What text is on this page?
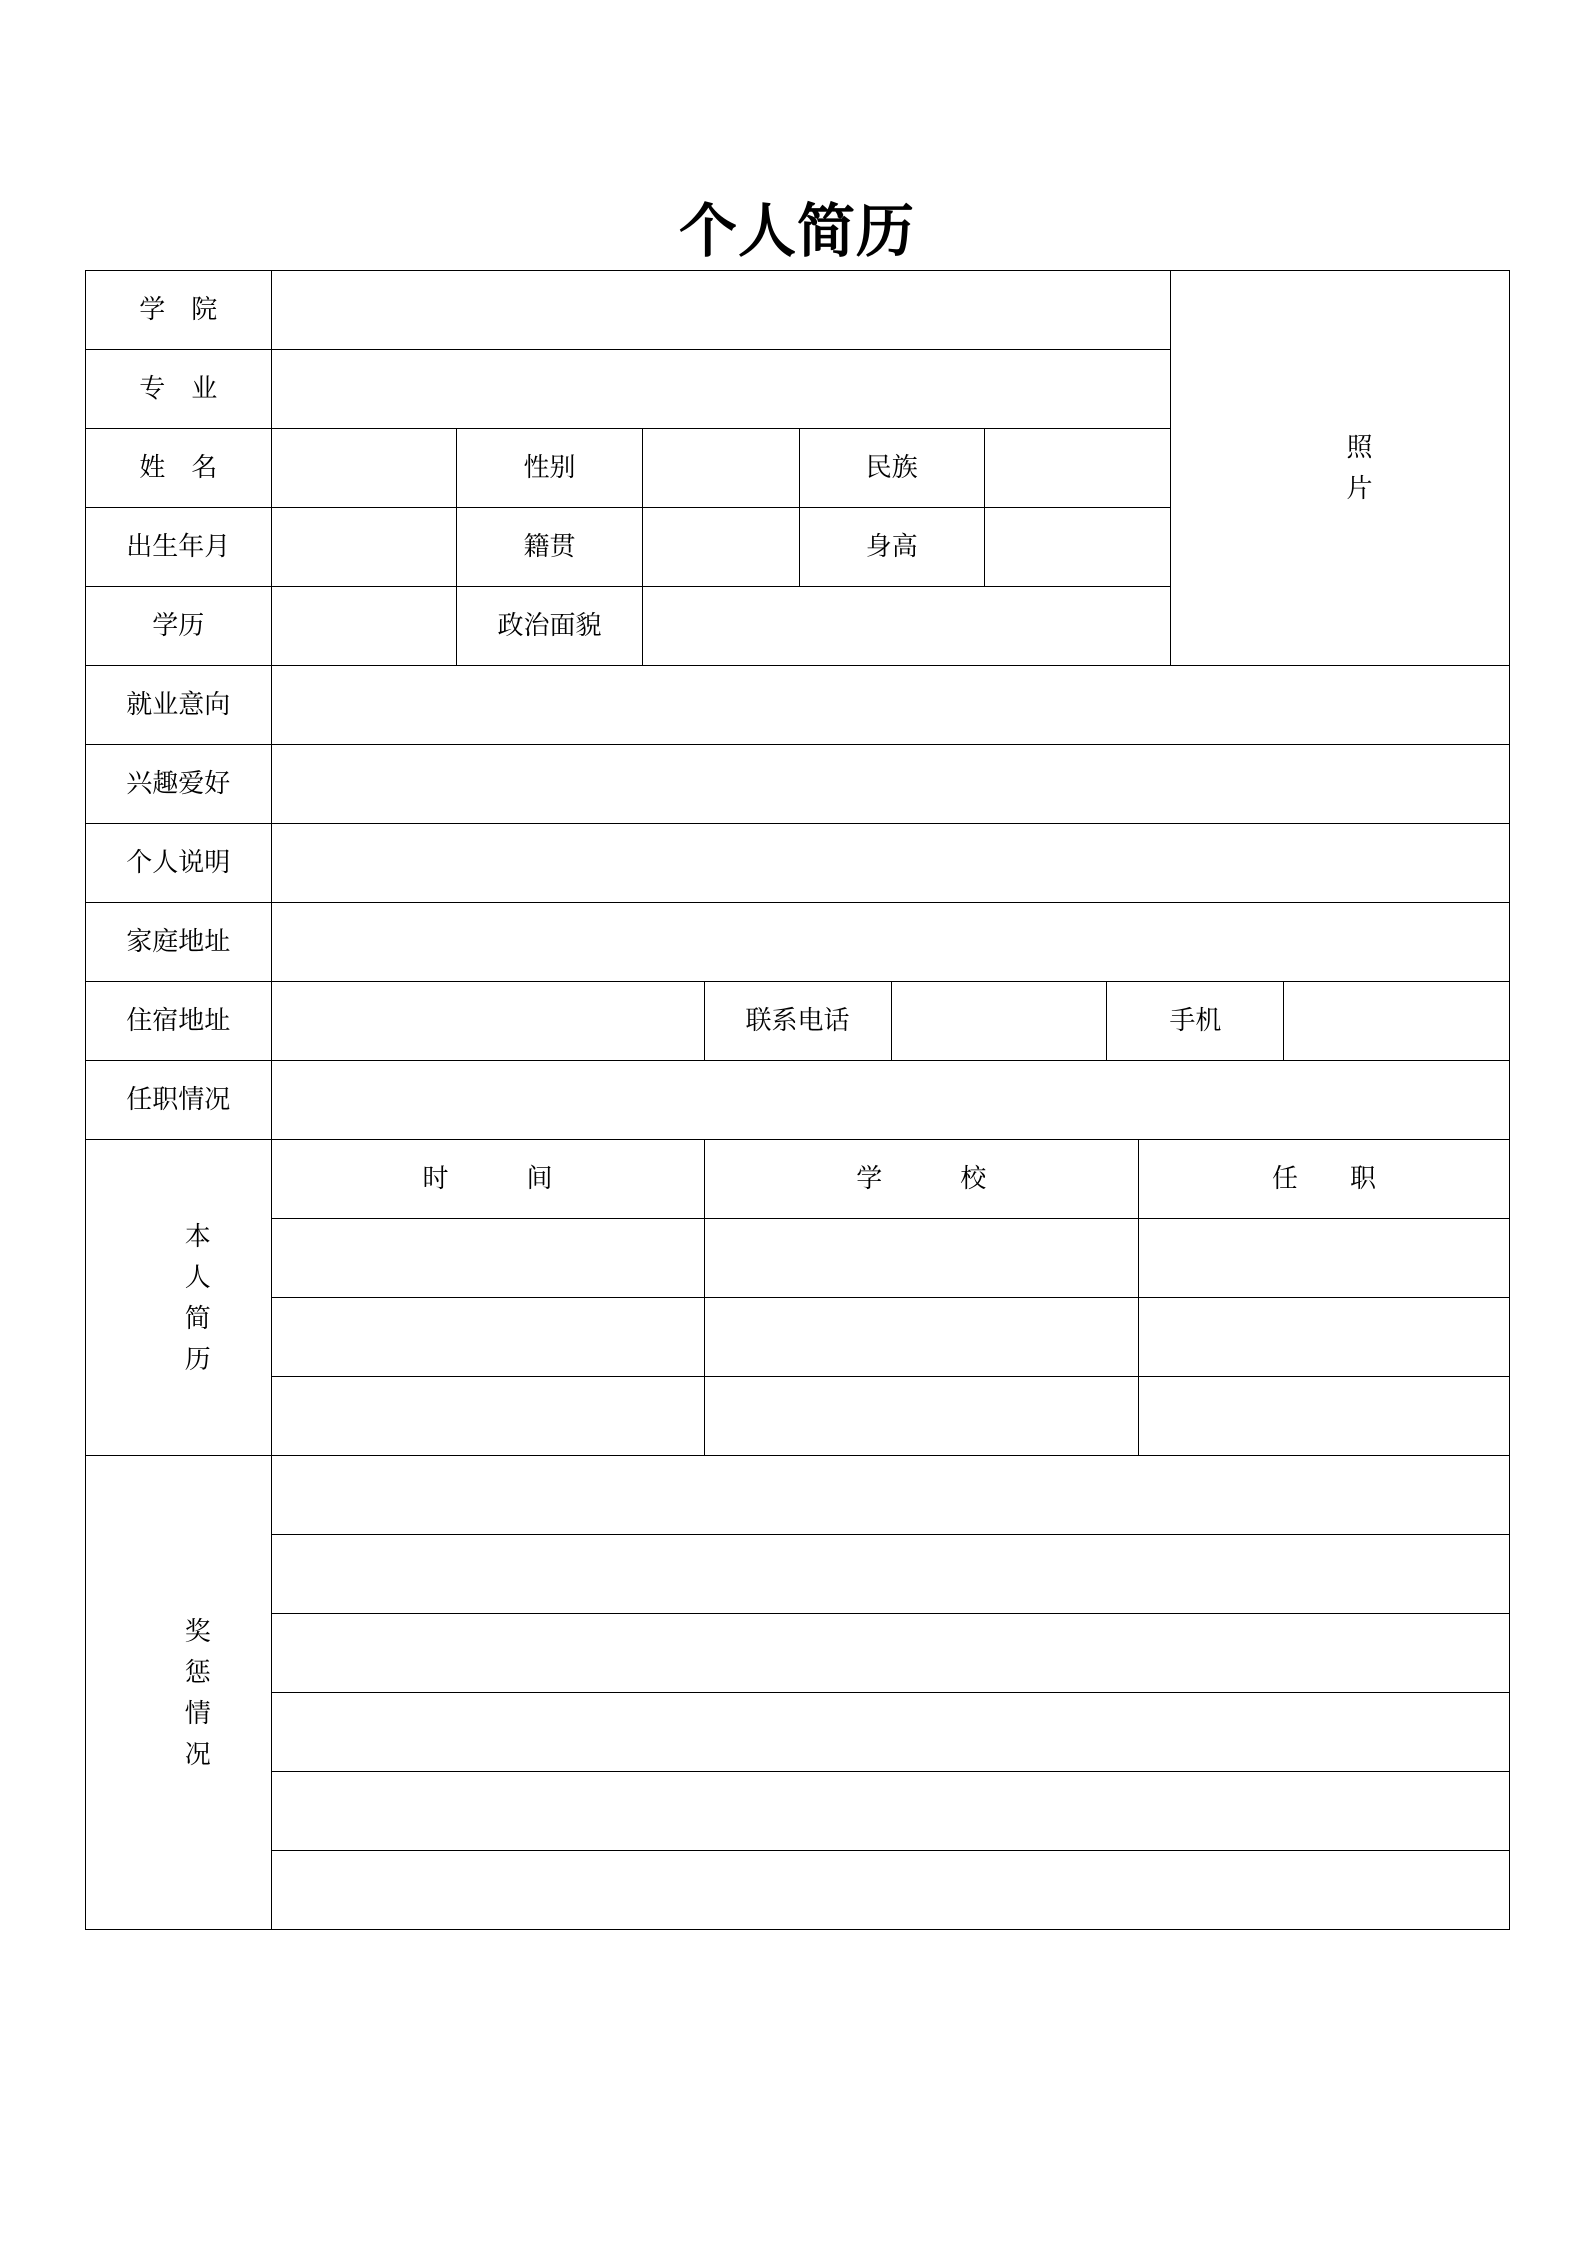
个人简历
学　院										照片	

专　业											
姓　名		性别			民族						
出生年月		籍贯			身高						
学历		政治面貌									
就业意向											
兴趣爱好											
个人说明											
家庭地址											
住宿地址				联系电话				手机			
任职情况											

本人简历	时　　　间			学　　　校					任　　职		

奖惩情况										
